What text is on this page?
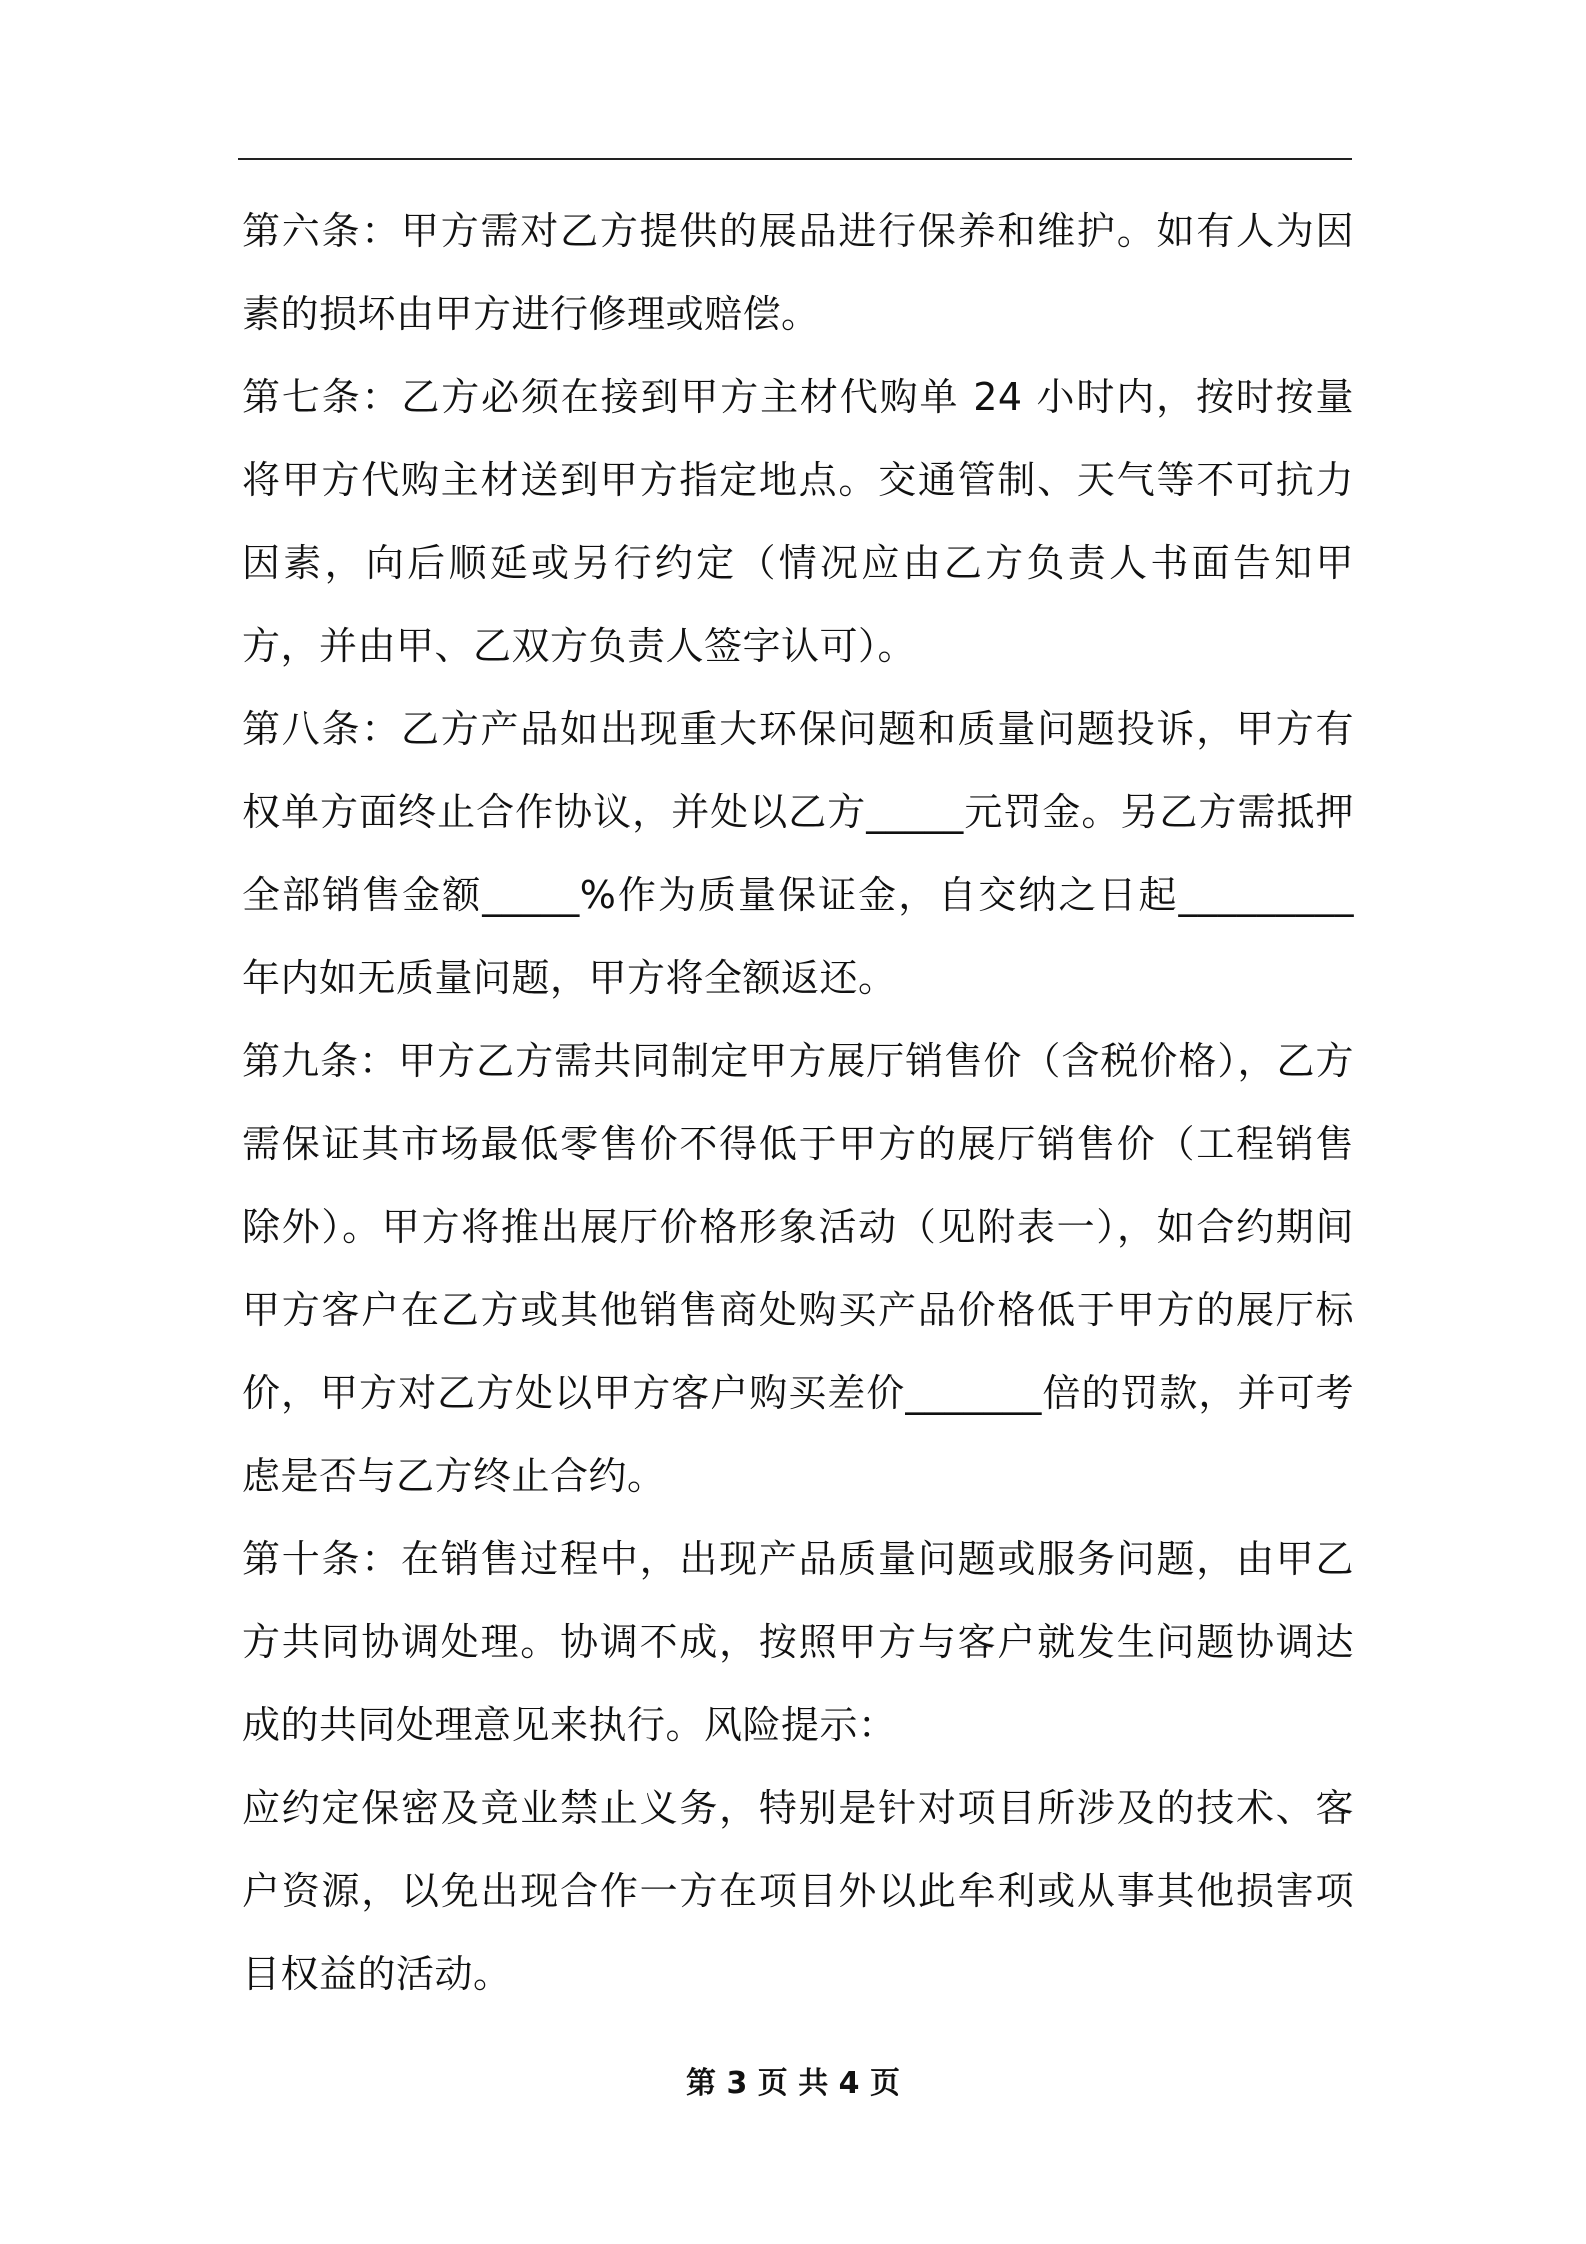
第六条：甲方需对乙方提供的展品进行保养和维护。如有人为因素的损坏由甲方进行修理或赔偿。

第七条：乙方必须在接到甲方主材代购单 24 小时内，按时按量将甲方代购主材送到甲方指定地点。交通管制、天气等不可抗力因素，向后顺延或另行约定（情况应由乙方负责人书面告知甲方，并由甲、乙双方负责人签字认可）。

第八条：乙方产品如出现重大环保问题和质量问题投诉，甲方有权单方面终止合作协议，并处以乙方_____元罚金。另乙方需抵押全部销售金额_____%作为质量保证金，自交纳之日起_________年内如无质量问题，甲方将全额返还。

第九条：甲方乙方需共同制定甲方展厅销售价（含税价格），乙方需保证其市场最低零售价不得低于甲方的展厅销售价（工程销售除外）。甲方将推出展厅价格形象活动（见附表一），如合约期间甲方客户在乙方或其他销售商处购买产品价格低于甲方的展厅标价，甲方对乙方处以甲方客户购买差价_______倍的罚款，并可考虑是否与乙方终止合约。

第十条：在销售过程中，出现产品质量问题或服务问题，由甲乙方共同协调处理。协调不成，按照甲方与客户就发生问题协调达成的共同处理意见来执行。风险提示：

应约定保密及竞业禁止义务，特别是针对项目所涉及的技术、客户资源，以免出现合作一方在项目外以此牟利或从事其他损害项目权益的活动。

第 3 页 共 4 页
